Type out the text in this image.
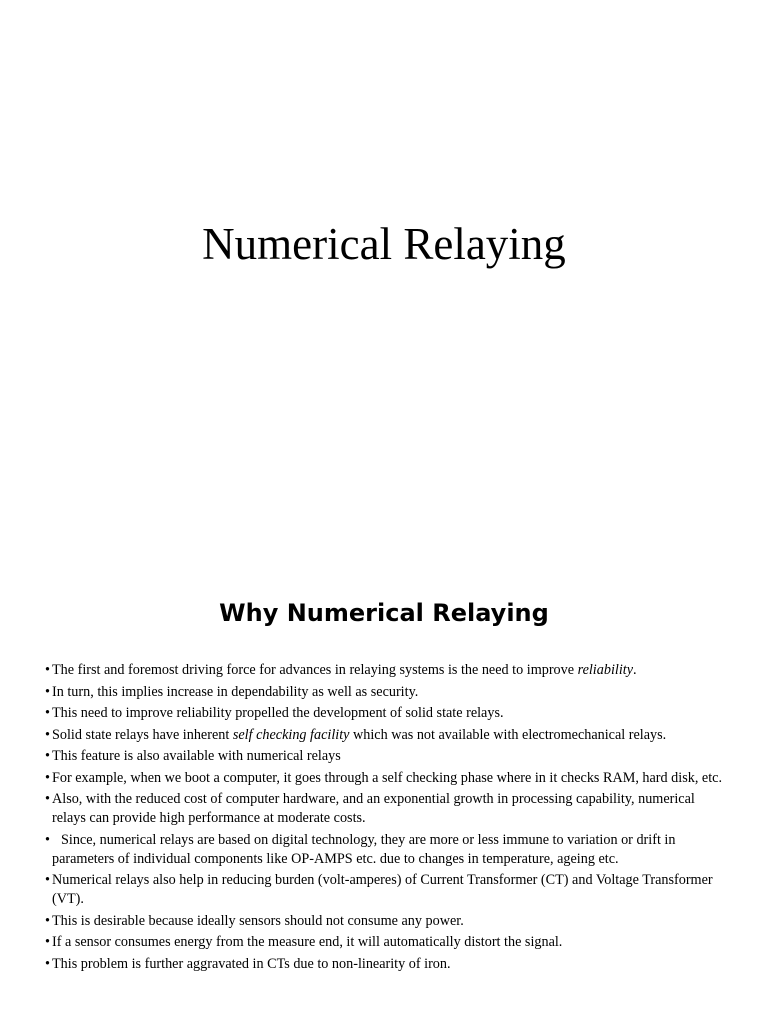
Numerical Relaying
Why Numerical Relaying
• The first and foremost driving force for advances in relaying systems is the need to improve reliability.
• In turn, this implies increase in dependability as well as security.
• This need to improve reliability propelled the development of solid state relays.
• Solid state relays have inherent self checking facility which was not available with electromechanical relays.
• This feature is also available with numerical relays
• For example, when we boot a computer, it goes through a self checking phase where in it checks RAM, hard disk, etc.
• Also, with the reduced cost of computer hardware, and an exponential growth in processing capability, numerical relays can provide high performance at moderate costs.
• Since, numerical relays are based on digital technology, they are more or less immune to variation or drift in parameters of individual components like OP-AMPS etc. due to changes in temperature, ageing etc.
• Numerical relays also help in reducing burden (volt-amperes) of Current Transformer (CT) and Voltage Transformer (VT).
• This is desirable because ideally sensors should not consume any power.
• If a sensor consumes energy from the measure end, it will automatically distort the signal.
• This problem is further aggravated in CTs due to non-linearity of iron.
